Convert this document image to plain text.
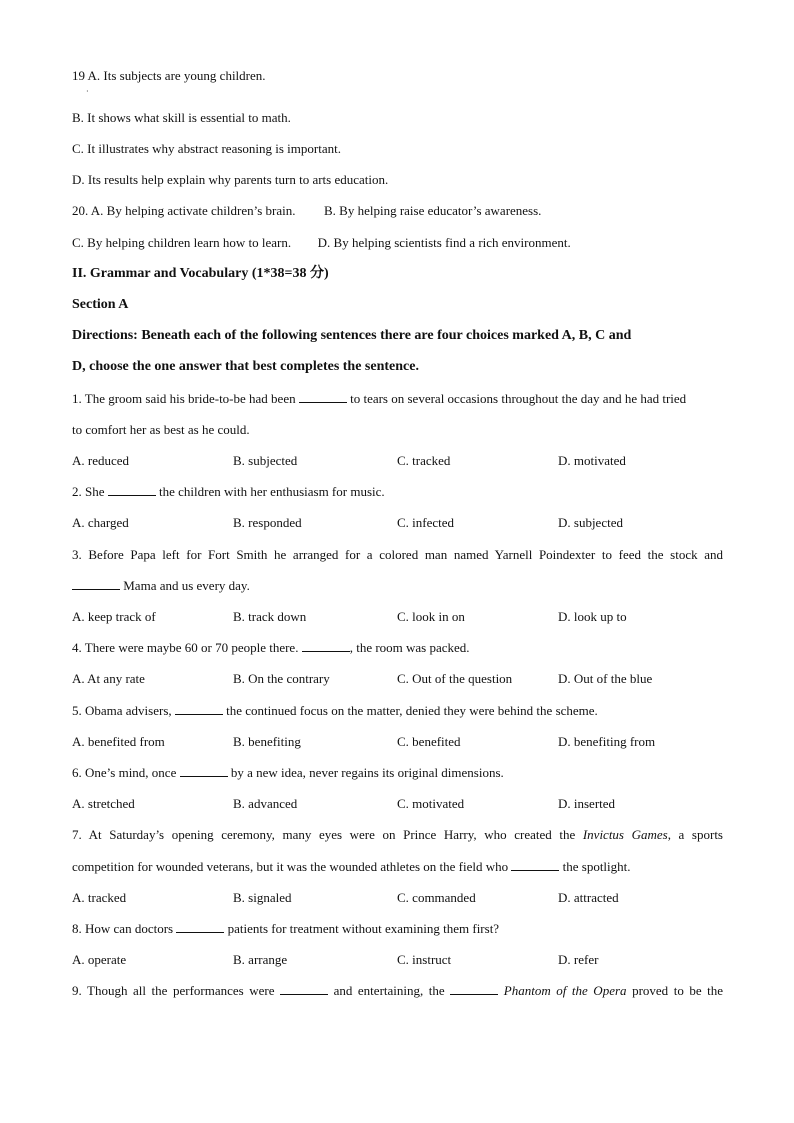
19 A. Its subjects are young children.
·
B. It shows what skill is essential to math.
C. It illustrates why abstract reasoning is important.
D. Its results help explain why parents turn to arts education.
20. A. By helping activate children’s brain. B. By helping raise educator’s awareness.
C. By helping children learn how to learn. D. By helping scientists find a rich environment.
II. Grammar and Vocabulary (1*38=38 分)
Section A
Directions: Beneath each of the following sentences there are four choices marked A, B, C and
D, choose the one answer that best completes the sentence.
1. The groom said his bride-to-be had been	to tears on several occasions throughout the day and he had tried
to comfort her as best as he could.
A. reduced	B. subjected	C. tracked	D. motivated
2. She	the children with her enthusiasm for music.
A. charged	B. responded	C. infected	D. subjected
3. Before Papa left for Fort Smith he arranged for a colored man named Yarnell Poindexter to feed the stock and
Mama and us every day.
A. keep track of	B. track down	C. look in on	D. look up to
4. There were maybe 60 or 70 people there.	, the room was packed.
A. At any rate	B. On the contrary	C. Out of the question	D. Out of the blue
5. Obama advisers,	the continued focus on the matter, denied they were behind the scheme.
A. benefited from	B. benefiting	C. benefited	D. benefiting from
6. One’s mind, once	by a new idea, never regains its original dimensions.
A. stretched	B. advanced	C. motivated	D. inserted
7. At Saturday’s opening ceremony, many eyes were on Prince Harry, who created the Invictus Games, a sports
competition for wounded veterans, but it was the wounded athletes on the field who	the spotlight.
A. tracked	B. signaled	C. commanded	D. attracted
8. How can doctors	patients for treatment without examining them first?
A. operate	B. arrange	C. instruct	D. refer
9. Though all the performances were	and entertaining, the	Phantom of the Opera proved to be the
